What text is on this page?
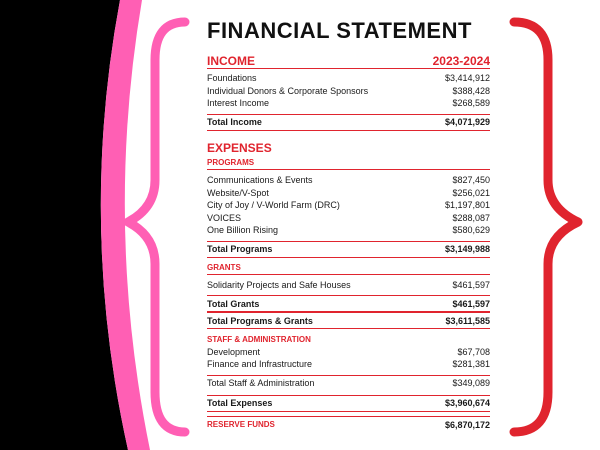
FINANCIAL STATEMENT
INCOME	2023-2024
Foundations	$3,414,912
Individual Donors & Corporate Sponsors	$388,428
Interest Income	$268,589
Total Income	$4,071,929
EXPENSES
PROGRAMS
Communications & Events	$827,450
Website/V-Spot	$256,021
City of Joy / V-World Farm (DRC)	$1,197,801
VOICES	$288,087
One Billion Rising	$580,629
Total Programs	$3,149,988
GRANTS
Solidarity Projects and Safe Houses	$461,597
Total Grants	$461,597
Total Programs & Grants	$3,611,585
STAFF & ADMINISTRATION
Development	$67,708
Finance and Infrastructure	$281,381
Total Staff & Administration	$349,089
Total Expenses	$3,960,674
RESERVE FUNDS	$6,870,172
